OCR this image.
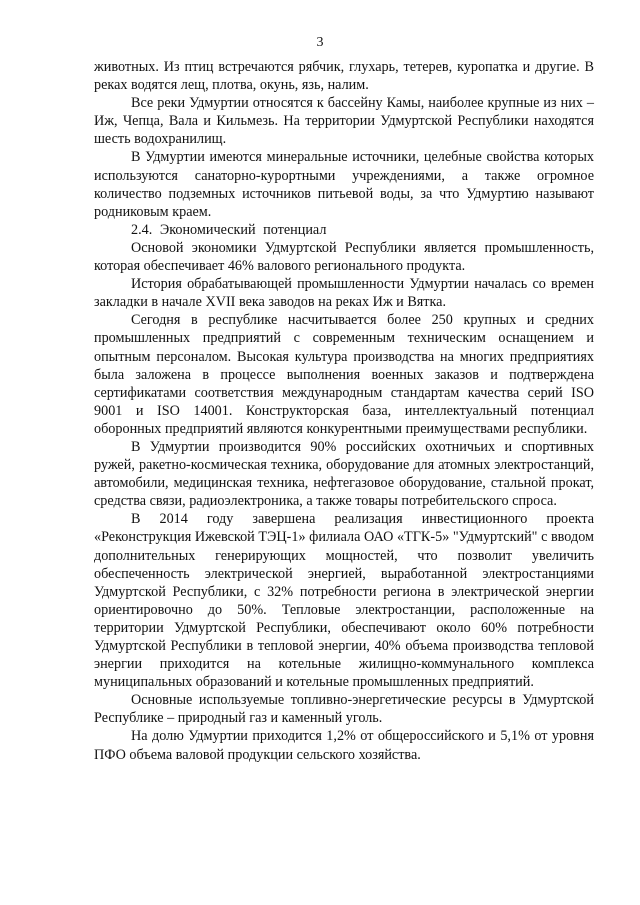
3

животных. Из птиц встречаются рябчик, глухарь, тетерев, куропатка и другие. В реках водятся лещ, плотва, окунь, язь, налим.

Все реки Удмуртии относятся к бассейну Камы, наиболее крупные из них – Иж, Чепца, Вала и Кильмезь. На территории Удмуртской Республики находятся шесть водохранилищ.

В Удмуртии имеются минеральные источники, целебные свойства которых используются санаторно-курортными учреждениями, а также огромное количество подземных источников питьевой воды, за что Удмуртию называют родниковым краем.

2.4. Экономический потенциал

Основой экономики Удмуртской Республики является промышленность, которая обеспечивает 46% валового регионального продукта.

История обрабатывающей промышленности Удмуртии началась со времен закладки в начале XVII века заводов на реках Иж и Вятка.

Сегодня в республике насчитывается более 250 крупных и средних промышленных предприятий с современным техническим оснащением и опытным персоналом. Высокая культура производства на многих предприятиях была заложена в процессе выполнения военных заказов и подтверждена сертификатами соответствия международным стандартам качества серий ISO 9001 и ISO 14001. Конструкторская база, интеллектуальный потенциал оборонных предприятий являются конкурентными преимуществами республики.

В Удмуртии производится 90% российских охотничьих и спортивных ружей, ракетно-космическая техника, оборудование для атомных электростанций, автомобили, медицинская техника, нефтегазовое оборудование, стальной прокат, средства связи, радиоэлектроника, а также товары потребительского спроса.

В 2014 году завершена реализация инвестиционного проекта «Реконструкция Ижевской ТЭЦ-1» филиала ОАО «ТГК-5» "Удмуртский" с вводом дополнительных генерирующих мощностей, что позволит увеличить обеспеченность электрической энергией, выработанной электростанциями Удмуртской Республики, с 32% потребности региона в электрической энергии ориентировочно до 50%. Тепловые электростанции, расположенные на территории Удмуртской Республики, обеспечивают около 60% потребности Удмуртской Республики в тепловой энергии, 40% объема производства тепловой энергии приходится на котельные жилищно-коммунального комплекса муниципальных образований и котельные промышленных предприятий.

Основные используемые топливно-энергетические ресурсы в Удмуртской Республике – природный газ и каменный уголь.

На долю Удмуртии приходится 1,2% от общероссийского и 5,1% от уровня ПФО объема валовой продукции сельского хозяйства.
